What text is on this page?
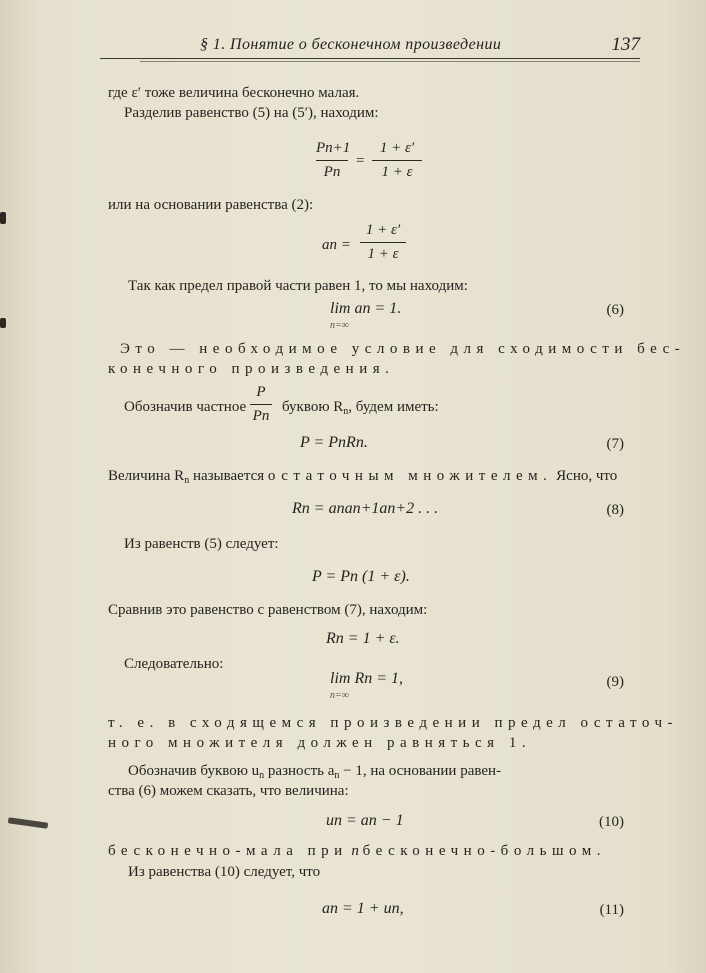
§ 1. Понятие о бесконечном произведении	137
где ε′ тоже величина бесконечно малая.
Разделив равенство (5) на (5′), находим:
Pn+1
Pn
=
1 + ε′
1 + ε
или на основании равенства (2):
an =
1 + ε′
1 + ε
Так как предел правой части равен 1, то мы находим:
lim an = 1.
n=∞
(6)
Это — необходимое условие для сходимости бес-
конечного произведения.
Обозначив частное
P
Pn
буквою $R_n$, будем иметь:
P = PnRn.	(7)
Величина $R_n$ называется остаточным множителем. Ясно, что
Rn = anan+1an+2 . . .	(8)
Из равенств (5) следует:
P = Pn (1 + ε).
Сравнив это равенство с равенством (7), находим:
Rn = 1 + ε.
Следовательно:
lim Rn = 1,
n=∞
(9)
т. е. в сходящемся произведении предел остаточ-
ного множителя должен равняться 1.
Обозначив буквою $u_n$ разность $a_n - 1$, на основании равен-
ства (6) можем сказать, что величина:
un = an − 1	(10)
бесконечно-мала при n бесконечно-большом.
Из равенства (10) следует, что
an = 1 + un,	(11)
